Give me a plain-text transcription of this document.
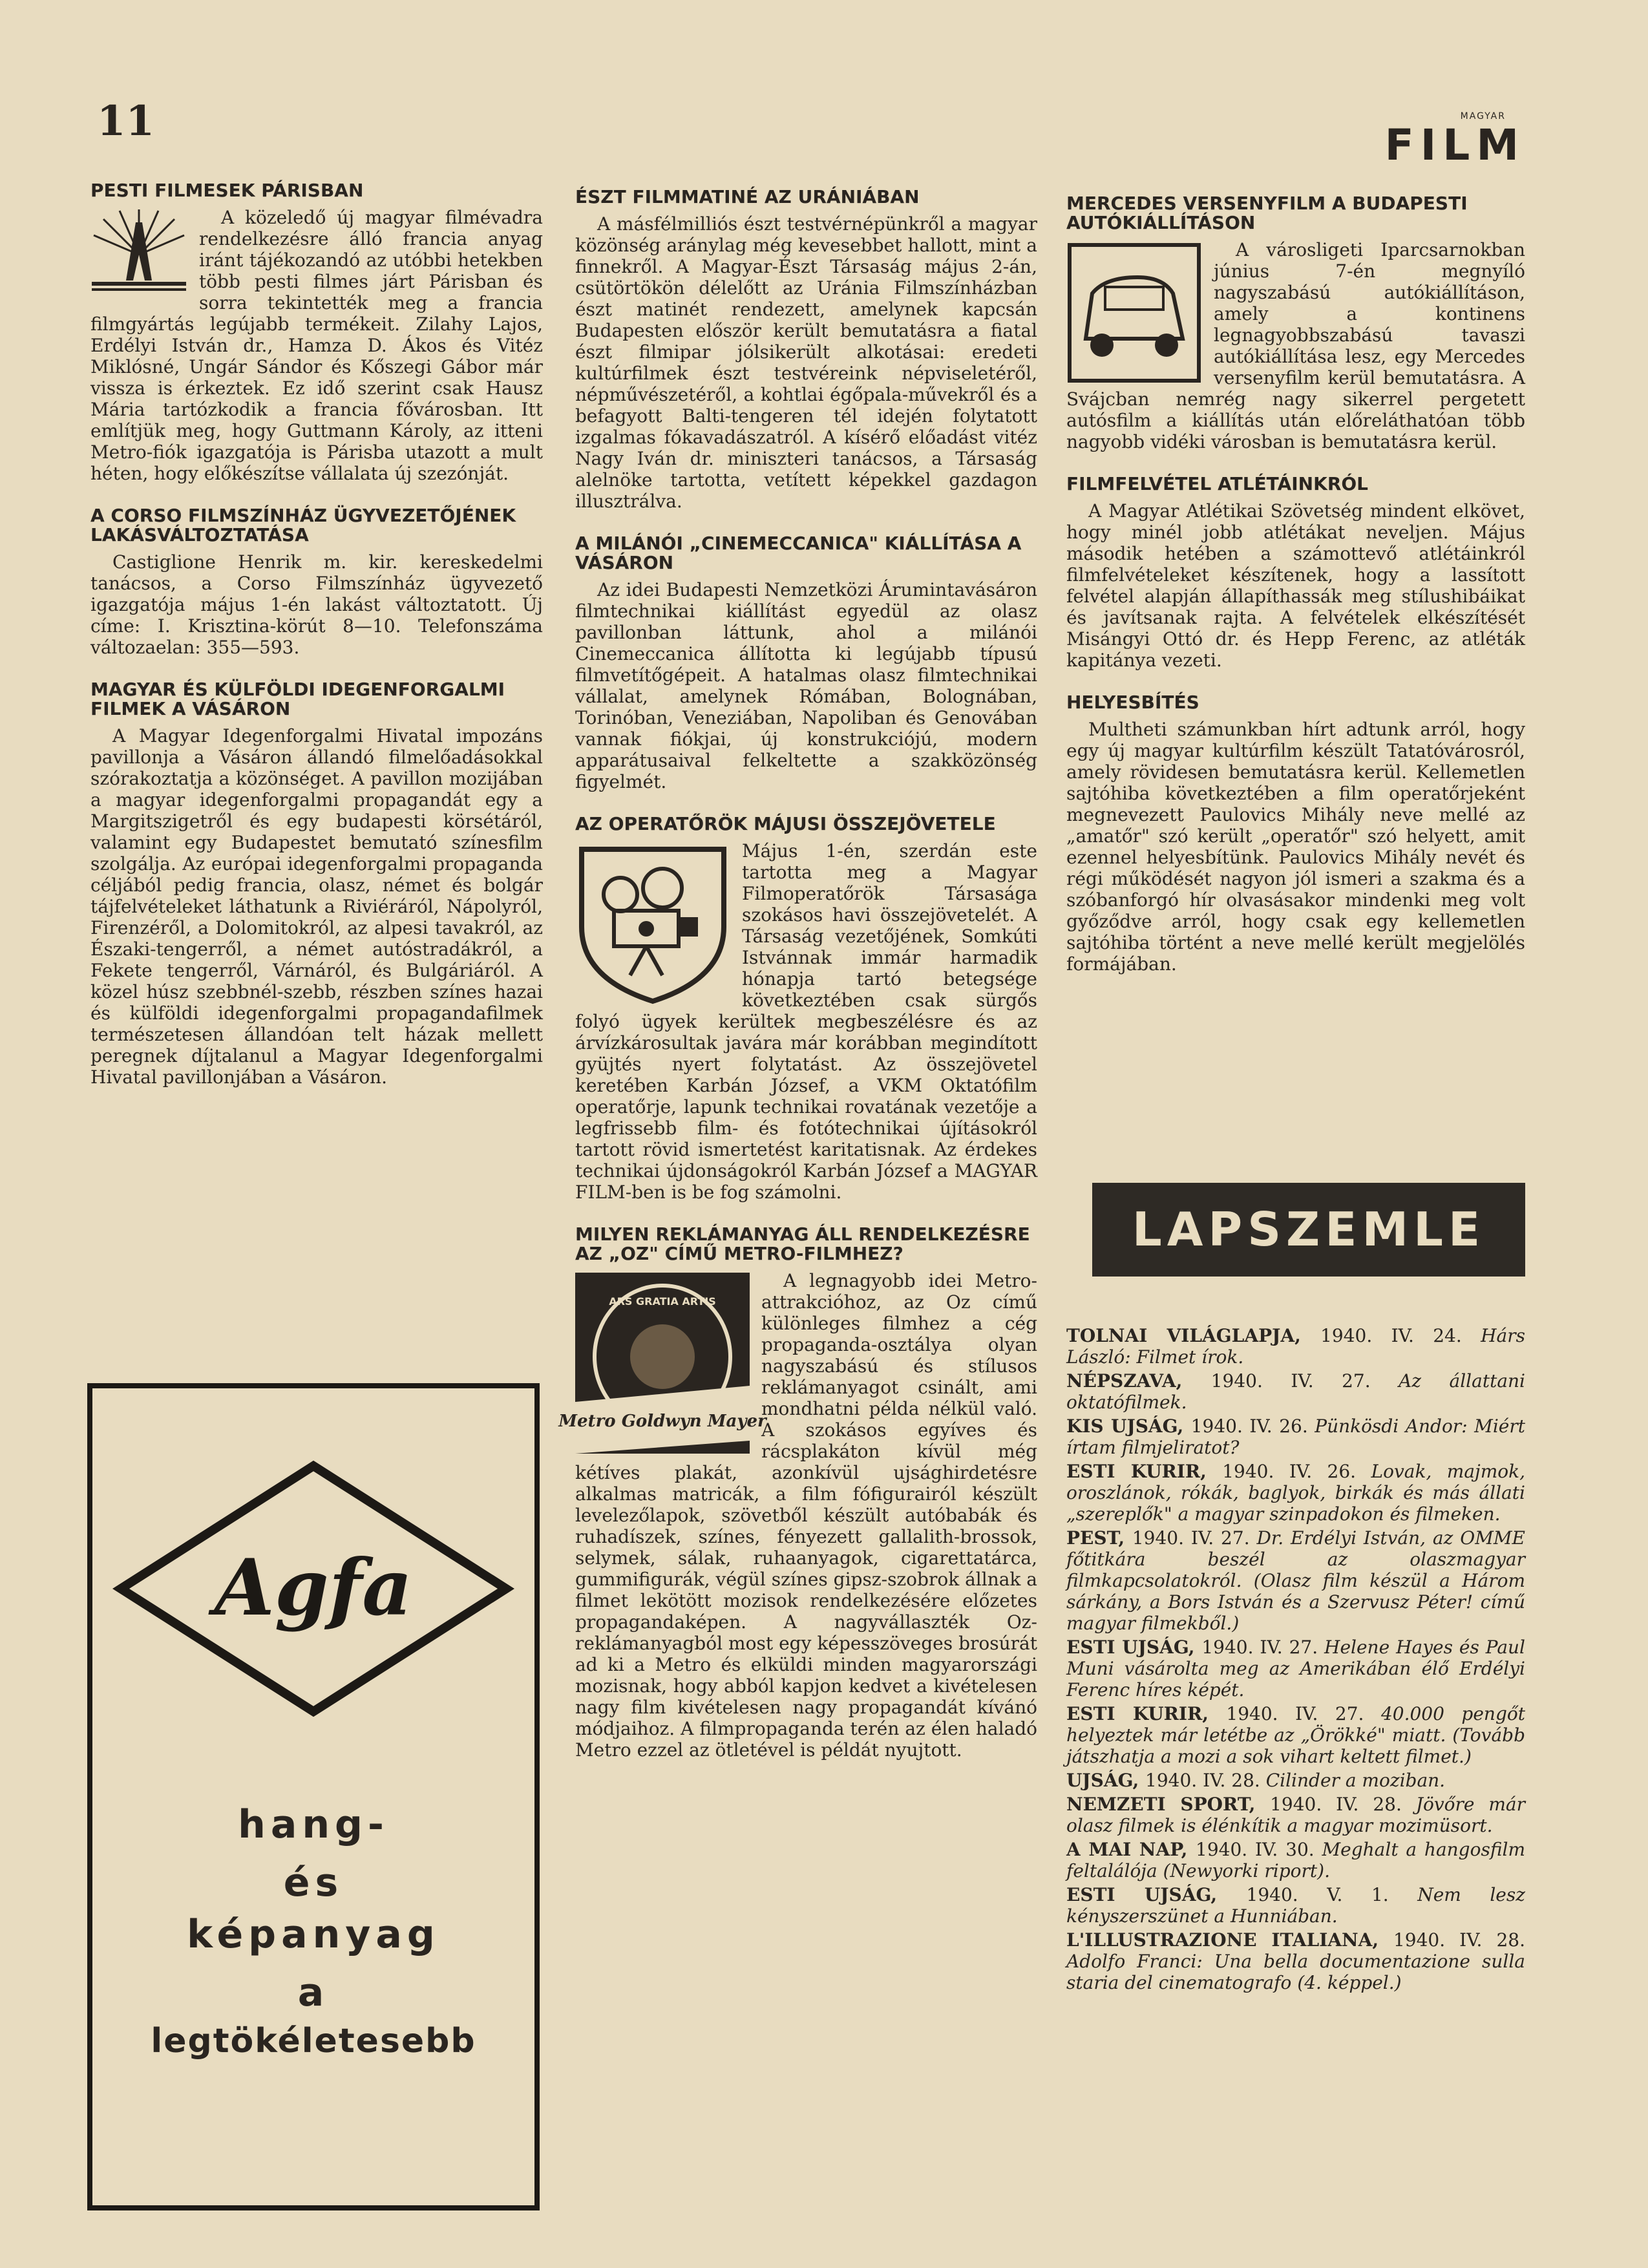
11	MAGYAR
FILM
PESTI FILMESEK PÁRISBAN

A közeledő új magyar filmévadra rendelkezésre álló francia anyag iránt tájékozandó az utóbbi hetekben több pesti filmes járt Párisban és sorra tekintették meg a francia filmgyártás legújabb termékeit. Zilahy Lajos, Erdélyi István dr., Hamza D. Ákos és Vitéz Miklósné, Ungár Sándor és Kőszegi Gábor már vissza is érkeztek. Ez idő szerint csak Hausz Mária tartózkodik a francia fővárosban. Itt említjük meg, hogy Guttmann Károly, az itteni Metro-fiók igazgatója is Párisba utazott a mult héten, hogy előkészítse vállalata új szezónját.

A CORSO FILMSZÍNHÁZ ÜGYVEZETŐJÉNEK LAKÁSVÁLTOZTATÁSA

Castiglione Henrik m. kir. kereskedelmi tanácsos, a Corso Filmszínház ügyvezető igazgatója május 1-én lakást változtatott. Új címe: I. Krisztina-körút 8—10. Telefonszáma változaelan: 355—593.

MAGYAR ÉS KÜLFÖLDI IDEGENFORGALMI FILMEK A VÁSÁRON

A Magyar Idegenforgalmi Hivatal impozáns pavillonja a Vásáron állandó filmelőadásokkal szórakoztatja a közönséget. A pavillon mozijában a magyar idegenforgalmi propagandát egy a Margitszigetről és egy budapesti körsétáról, valamint egy Budapestet bemutató színesfilm szolgálja. Az európai idegenforgalmi propaganda céljából pedig francia, olasz, német és bolgár tájfelvételeket láthatunk a Riviéráról, Nápolyról, Firenzéről, a Dolomitokról, az alpesi tavakról, az Északi-tengerről, a német autóstradákról, a Fekete tengerről, Várnáról, és Bulgáriáról. A közel húsz szebbnél-szebb, részben színes hazai és külföldi idegenforgalmi propagandafilmek természetesen állandóan telt házak mellett peregnek díjtalanul a Magyar Idegenforgalmi Hivatal pavillonjában a Vásáron.

Agfa
hang-
és
képanyag
a
legtökéletesebb
ÉSZT FILMMATINÉ AZ URÁNIÁBAN

A másfélmilliós észt testvérnépünkről a magyar közönség aránylag még kevesebbet hallott, mint a finnekről. A Magyar-Észt Társaság május 2-án, csütörtökön délelőtt az Uránia Filmszínházban észt matinét rendezett, amelynek kapcsán Budapesten először került bemutatásra a fiatal észt filmipar jólsikerült alkotásai: eredeti kultúrfilmek észt testvéreink népviseletéről, népművészetéről, a kohtlai égőpala-művekről és a befagyott Balti-tengeren tél idején folytatott izgalmas fókavadászatról. A kísérő előadást vitéz Nagy Iván dr. miniszteri tanácsos, a Társaság alelnöke tartotta, vetített képekkel gazdagon illusztrálva.

A MILÁNÓI „CINEMECCANICA" KIÁLLÍTÁSA A VÁSÁRON

Az idei Budapesti Nemzetközi Árumintavásáron filmtechnikai kiállítást egyedül az olasz pavillonban láttunk, ahol a milánói Cinemeccanica állította ki legújabb típusú filmvetítőgépeit. A hatalmas olasz filmtechnikai vállalat, amelynek Rómában, Bolognában, Torinóban, Veneziában, Napoliban és Genovában vannak fiókjai, új konstrukciójú, modern apparátusaival felkeltette a szakközönség figyelmét.

AZ OPERATŐRÖK MÁJUSI ÖSSZEJÖVETELE

Május 1-én, szerdán este tartotta meg a Magyar Filmoperatőrök Társasága szokásos havi összejövetelét. A Társaság vezetőjének, Somkúti Istvánnak immár harmadik hónapja tartó betegsége következtében csak sürgős folyó ügyek kerültek megbeszélésre és az árvízkárosultak javára már korábban megindított gyüjtés nyert folytatást. Az összejövetel keretében Karbán József, a VKM Oktatófilm operatőrje, lapunk technikai rovatának vezetője a legfrissebb film- és fotótechnikai újításokról tartott rövid ismertetést karitatisnak. Az érdekes technikai újdonságokról Karbán József a MAGYAR FILM-ben is be fog számolni.

MILYEN REKLÁMANYAG ÁLL RENDELKEZÉSRE AZ „OZ" CÍMŰ METRO-FILMHEZ?
ARS GRATIA ARTIS
Metro Goldwyn Mayer

A legnagyobb idei Metro-attrakcióhoz, az Oz című különleges filmhez a cég propaganda-osztálya olyan nagyszabású és stílusos reklámanyagot csinált, ami mondhatni példa nélkül való. A szokásos egyíves és rácsplakáton kívül még kétíves plakát, azonkívül ujsághirdetésre alkalmas matricák, a film fófigurairól készült levelezőlapok, szövetből készült autóbabák és ruhadíszek, színes, fényezett gallalith-brossok, selymek, sálak, ruhaanyagok, cigarettatárca, gummifigurák, végül színes gipsz-szobrok állnak a filmet lekötött mozisok rendelkezésére előzetes propagandaképen. A nagyvállaszték Oz-reklámanyagból most egy képesszöveges brosúrát ad ki a Metro és elküldi minden magyarországi mozisnak, hogy abból kapjon kedvet a kivételesen nagy film kivételesen nagy propagandát kívánó módjaihoz. A filmpropaganda terén az élen haladó Metro ezzel az ötletével is példát nyujtott.

MERCEDES VERSENYFILM A BUDAPESTI AUTÓKIÁLLÍTÁSON

A városligeti Iparcsarnokban június 7-én megnyíló nagyszabású autókiállításon, amely a kontinens legnagyobbszabású tavaszi autókiállítása lesz, egy Mercedes versenyfilm kerül bemutatásra. A Svájcban nemrég nagy sikerrel pergetett autósfilm a kiállítás után előreláthatóan több nagyobb vidéki városban is bemutatásra kerül.

FILMFELVÉTEL ATLÉTÁINKRÓL

A Magyar Atlétikai Szövetség mindent elkövet, hogy minél jobb atlétákat neveljen. Május második hetében a számottevő atlétáinkról filmfelvételeket készítenek, hogy a lassított felvétel alapján állapíthassák meg stílushibáikat és javítsanak rajta. A felvételek elkészítését Misángyi Ottó dr. és Hepp Ferenc, az atléták kapitánya vezeti.

HELYESBÍTÉS

Multheti számunkban hírt adtunk arról, hogy egy új magyar kultúrfilm készült Tatatóvárosról, amely rövidesen bemutatásra kerül. Kellemetlen sajtóhiba következtében a film operatőrjeként megnevezett Paulovics Mihály neve mellé az „amatőr" szó került „operatőr" szó helyett, amit ezennel helyesbítünk. Paulovics Mihály nevét és régi működését nagyon jól ismeri a szakma és a szóbanforgó hír olvasásakor mindenki meg volt győződve arról, hogy csak egy kellemetlen sajtóhiba történt a neve mellé került megjelölés formájában.

LAPSZEMLE

TOLNAI VILÁGLAPJA, 1940. IV. 24. Hárs László: Filmet írok.

NÉPSZAVA, 1940. IV. 27. Az állattani oktatófilmek.

KIS UJSÁG, 1940. IV. 26. Pünkösdi Andor: Miért írtam filmjeliratot?

ESTI KURIR, 1940. IV. 26. Lovak, majmok, oroszlánok, rókák, baglyok, birkák és más állati „szereplők" a magyar szinpadokon és filmeken.

PEST, 1940. IV. 27. Dr. Erdélyi István, az OMME főtitkára beszél az olaszmagyar filmkapcsolatokról. (Olasz film készül a Három sárkány, a Bors István és a Szervusz Péter! című magyar filmekből.)

ESTI UJSÁG, 1940. IV. 27. Helene Hayes és Paul Muni vásárolta meg az Amerikában élő Erdélyi Ferenc híres képét.

ESTI KURIR, 1940. IV. 27. 40.000 pengőt helyeztek már letétbe az „Örökké" miatt. (Tovább játszhatja a mozi a sok vihart keltett filmet.)

UJSÁG, 1940. IV. 28. Cilinder a moziban.

NEMZETI SPORT, 1940. IV. 28. Jövőre már olasz filmek is élénkítik a magyar mozimüsort.

A MAI NAP, 1940. IV. 30. Meghalt a hangosfilm feltalálója (Newyorki riport).

ESTI UJSÁG, 1940. V. 1. Nem lesz kényszerszünet a Hunniában.

L'ILLUSTRAZIONE ITALIANA, 1940. IV. 28. Adolfo Franci: Una bella documentazione sulla staria del cinematografo (4. képpel.)
